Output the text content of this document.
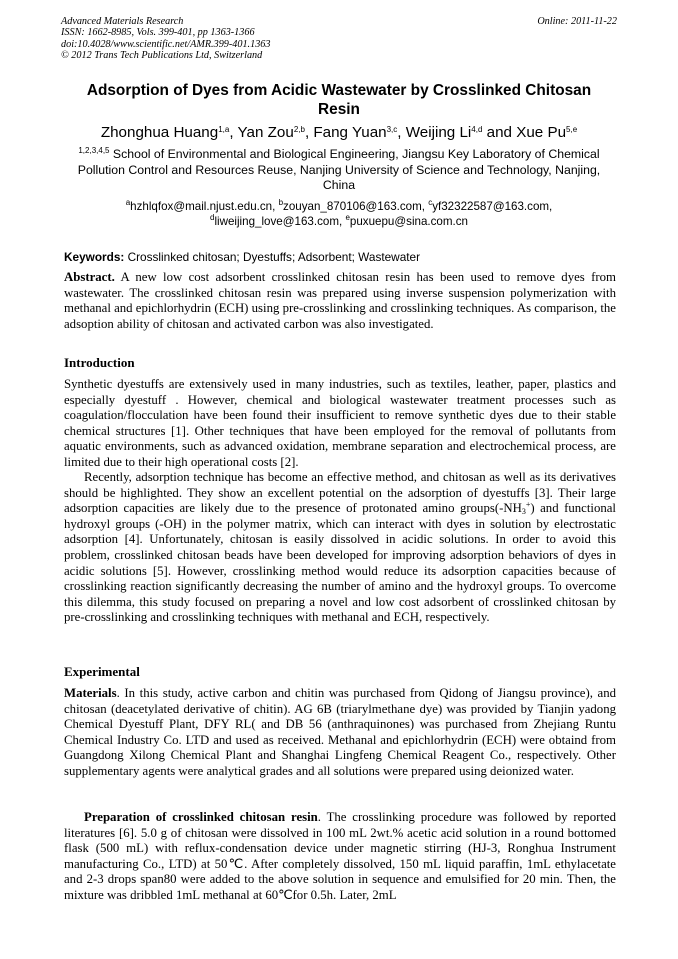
Advanced Materials Research	Online: 2011-11-22
ISSN: 1662-8985, Vols. 399-401, pp 1363-1366
doi:10.4028/www.scientific.net/AMR.399-401.1363
© 2012 Trans Tech Publications Ltd, Switzerland
Adsorption of Dyes from Acidic Wastewater by Crosslinked Chitosan Resin
Zhonghua Huang$^{1,a}$, Yan Zou$^{2,b}$, Fang Yuan$^{3,c}$, Weijing Li$^{4,d}$ and Xue Pu$^{5,e}$
$^{1,2,3,4,5}$ School of Environmental and Biological Engineering, Jiangsu Key Laboratory of Chemical Pollution Control and Resources Reuse, Nanjing University of Science and Technology, Nanjing, China
$^a$hzhlqfox@mail.njust.edu.cn, $^b$zouyan_870106@163.com, $^c$yf32322587@163.com,
$^d$liweijing_love@163.com, $^e$puxuepu@sina.com.cn
Keywords: Crosslinked chitosan; Dyestuffs; Adsorbent; Wastewater

Abstract. A new low cost adsorbent crosslinked chitosan resin has been used to remove dyes from wastewater. The crosslinked chitosan resin was prepared using inverse suspension polymerization with methanal and epichlorhydrin (ECH) using pre-crosslinking and crosslinking techniques. As comparison, the adsoption ability of chitosan and activated carbon was also investigated.

Introduction

Synthetic dyestuffs are extensively used in many industries, such as textiles, leather, paper, plastics and especially dyestuff . However, chemical and biological wastewater treatment processes such as coagulation/flocculation have been found their insufficient to remove synthetic dyes due to their stable chemical structures [1]. Other techniques that have been employed for the removal of pollutants from aquatic environments, such as advanced oxidation, membrane separation and electrochemical process, are limited due to their high operational costs [2].

Recently, adsorption technique has become an effective method, and chitosan as well as its derivatives should be highlighted. They show an excellent potential on the adsorption of dyestuffs [3]. Their large adsorption capacities are likely due to the presence of protonated amino $groups(-NH_3^+)$ and functional hydroxyl groups (-OH) in the polymer matrix, which can interact with dyes in solution by electrostatic adsorption [4]. Unfortunately, chitosan is easily dissolved in acidic solutions. In order to avoid this problem, crosslinked chitosan beads have been developed for improving adsorption behaviors of dyes in acidic solutions [5]. However, crosslinking method would reduce its adsorption capacities because of crosslinking reaction significantly decreasing the number of amino and the hydroxyl groups. To overcome this dilemma, this study focused on preparing a novel and low cost adsorbent of crosslinked chitosan by pre-crosslinking and crosslinking techniques with methanal and ECH, respectively.

Experimental

Materials. In this study, active carbon and chitin was purchased from Qidong of Jiangsu province), and chitosan (deacetylated derivative of chitin). AG 6B (triarylmethane dye) was provided by Tianjin yadong Chemical Dyestuff Plant, DFY RL( and DB 56 (anthraquinones) was purchased from Zhejiang Runtu Chemical Industry Co. LTD and used as received. Methanal and epichlorhydrin (ECH) were obtaind from Guangdong Xilong Chemical Plant and Shanghai Lingfeng Chemical Reagent Co., respectively. Other supplementary agents were analytical grades and all solutions were prepared using deionized water.

Preparation of crosslinked chitosan resin. The crosslinking procedure was followed by reported literatures [6]. 5.0 g of chitosan were dissolved in 100 mL 2wt.% acetic acid solution in a round bottomed flask (500 mL) with reflux-condensation device under magnetic stirring (HJ-3, Ronghua Instrument manufacturing Co., LTD) at 50℃. After completely dissolved, 150 mL liquid paraffin, 1mL ethylacetate and 2-3 drops span80 were added to the above solution in sequence and emulsified for 20 min. Then, the mixture was dribbled 1mL methanal at 60℃for 0.5h. Later, 2mL
